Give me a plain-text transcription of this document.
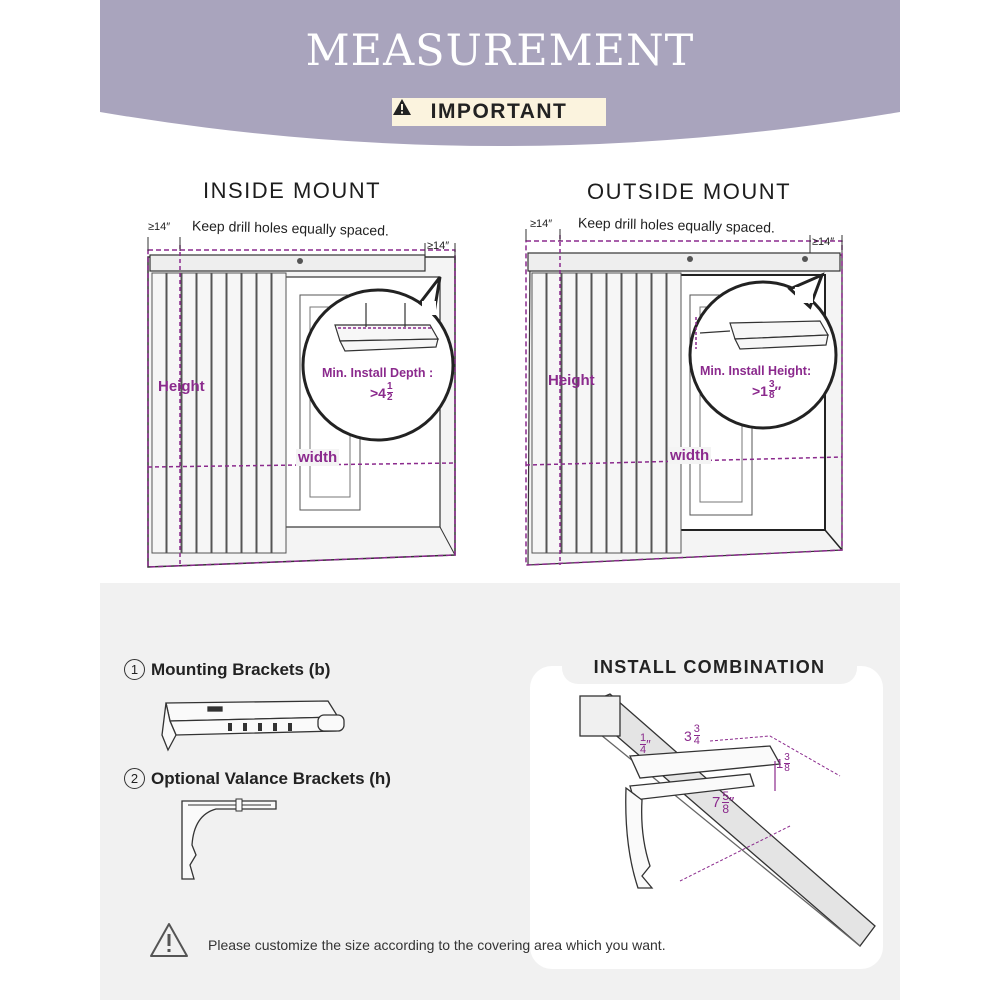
MEASUREMENT
IMPORTANT
INSIDE MOUNT
≥14″ Keep drill holes equally spaced.
≥14″
Height
width
Min. Install Depth :
>4 1
2
OUTSIDE MOUNT
≥14″ Keep drill holes equally spaced.
≥14″
Height
width
Min. Install Height:
>1 3
8 ″
1 Mounting Brackets (b)
2 Optional Valance Brackets (h)
INSTALL COMBINATION
1
4 ″
3 3
4
1 3
8
7 5
8 ″
Please customize the size according to the covering area which you want.
